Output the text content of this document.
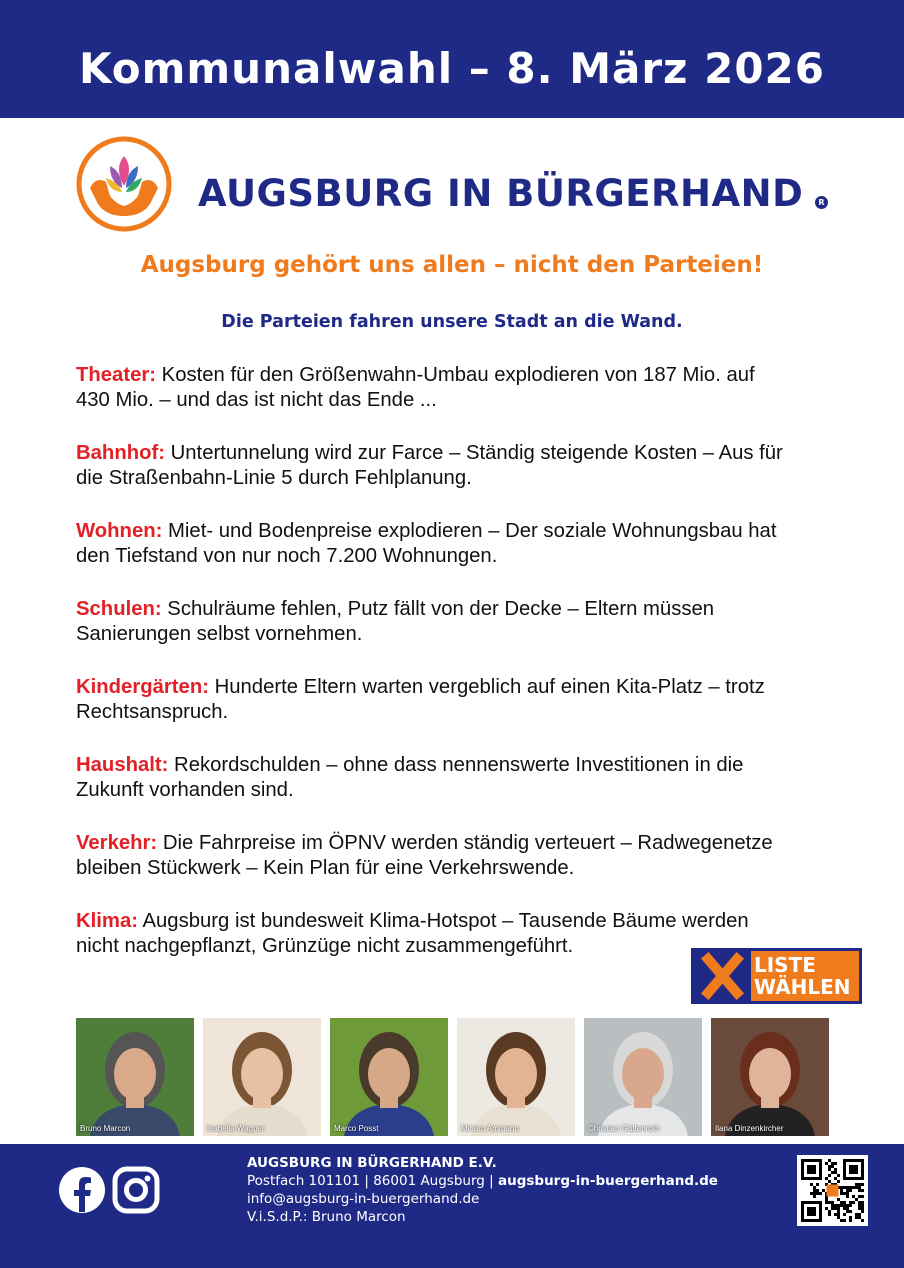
Kommunalwahl – 8. März 2026
AUGSBURG IN BÜRGERHAND	R
Augsburg gehört uns allen – nicht den Parteien!
Die Parteien fahren unsere Stadt an die Wand.
Theater: Kosten für den Größenwahn-Umbau explodieren von 187 Mio. auf
430 Mio. – und das ist nicht das Ende ...
Bahnhof: Untertunnelung wird zur Farce – Ständig steigende Kosten – Aus für
die Straßenbahn-Linie 5 durch Fehlplanung.
Wohnen: Miet- und Bodenpreise explodieren – Der soziale Wohnungsbau hat
den Tiefstand von nur noch 7.200 Wohnungen.
Schulen: Schulräume fehlen, Putz fällt von der Decke – Eltern müssen
Sanierungen selbst vornehmen.
Kindergärten: Hunderte Eltern warten vergeblich auf einen Kita-Platz – trotz
Rechtsanspruch.
Haushalt: Rekordschulden – ohne dass nennenswerte Investitionen in die
Zukunft vorhanden sind.
Verkehr: Die Fahrpreise im ÖPNV werden ständig verteuert – Radwegenetze
bleiben Stückwerk – Kein Plan für eine Verkehrswende.
Klima: Augsburg ist bundesweit Klima-Hotspot – Tausende Bäume werden
nicht nachgepflanzt, Grünzüge nicht zusammengeführt.
LISTE
WÄHLEN
Bruno Marcon	Isabella Wagner	Marco Posst	Miriam Ammann	Christian Güttenroth	Ilana Dinzenkircher
AUGSBURG IN BÜRGERHAND E.V.
Postfach 101101 | 86001 Augsburg | augsburg-in-buergerhand.de
info@augsburg-in-buergerhand.de
V.i.S.d.P.: Bruno Marcon
